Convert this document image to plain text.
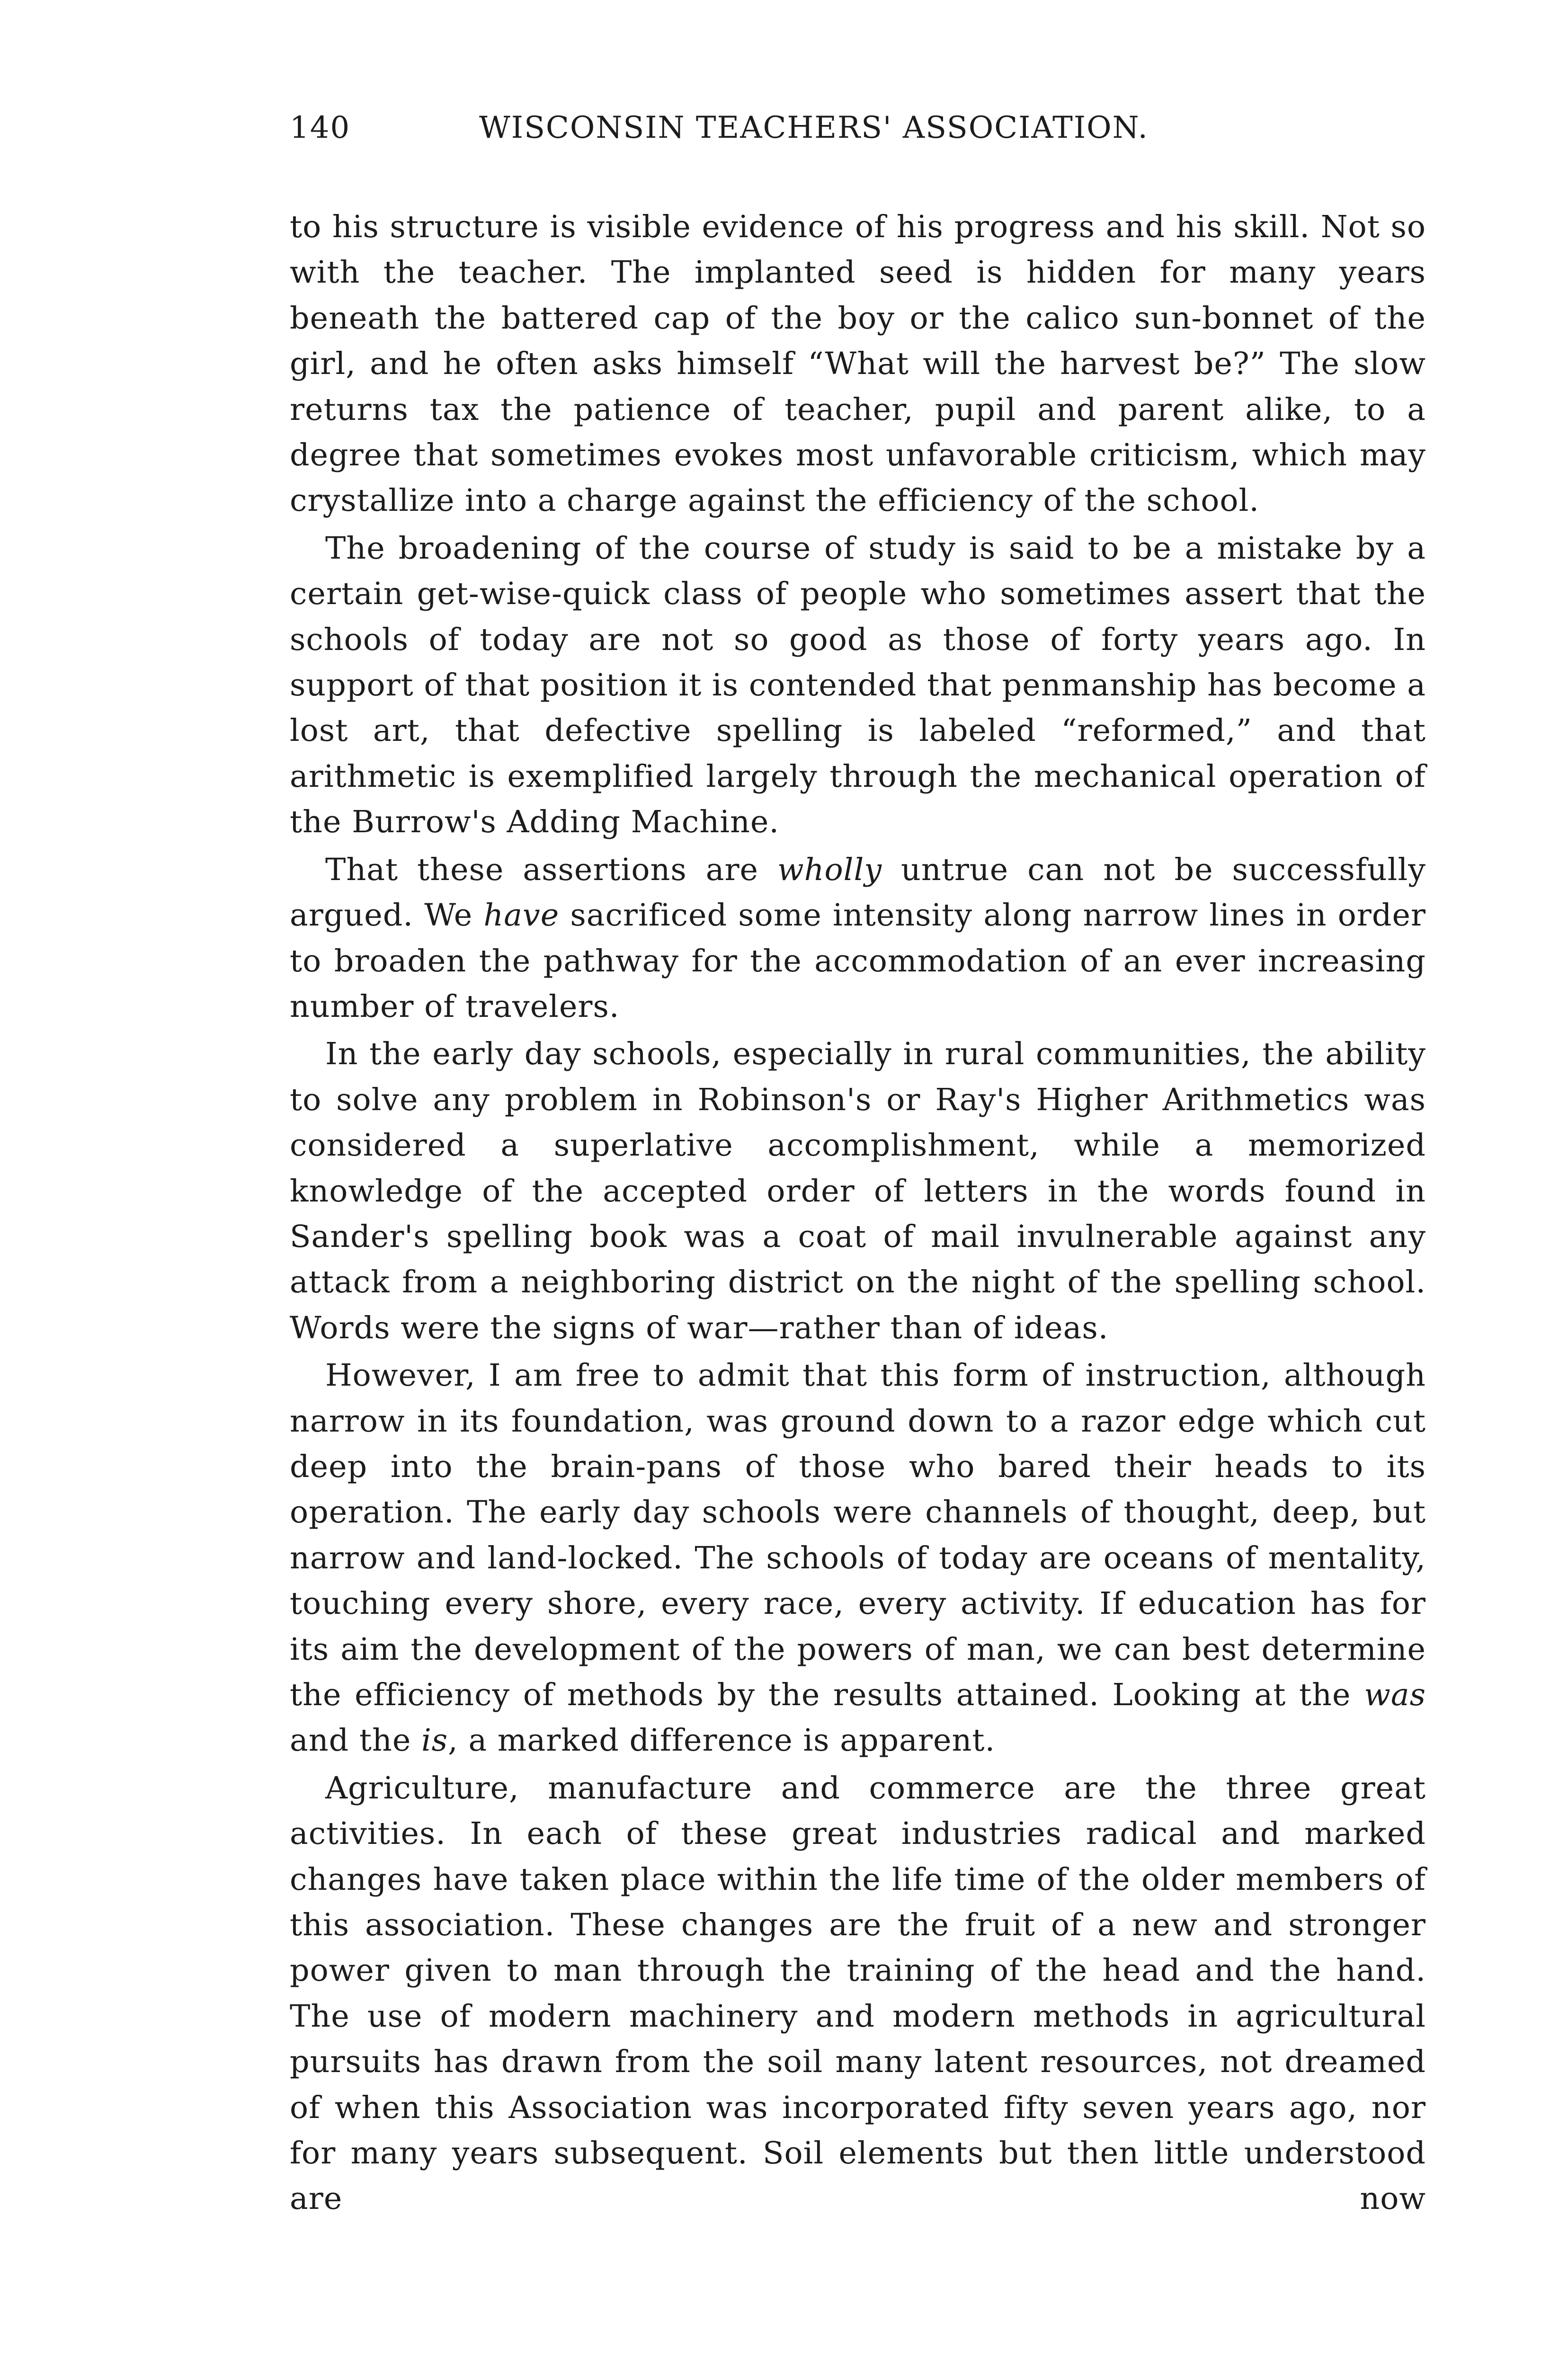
140	WISCONSIN TEACHERS' ASSOCIATION.

to his structure is visible evidence of his progress and his skill. Not so with the teacher. The implanted seed is hidden for many years beneath the battered cap of the boy or the calico sun-bonnet of the girl, and he often asks himself “What will the harvest be?” The slow returns tax the patience of teacher, pupil and parent alike, to a degree that sometimes evokes most unfavorable criticism, which may crystallize into a charge against the efficiency of the school.

The broadening of the course of study is said to be a mistake by a certain get-wise-quick class of people who sometimes assert that the schools of today are not so good as those of forty years ago. In support of that position it is contended that penmanship has become a lost art, that defective spelling is labeled “reformed,” and that arithmetic is exemplified largely through the mechanical operation of the Burrow's Adding Machine.

That these assertions are wholly untrue can not be successfully argued. We have sacrificed some intensity along narrow lines in order to broaden the pathway for the accommodation of an ever increasing number of travelers.

In the early day schools, especially in rural communities, the ability to solve any problem in Robinson's or Ray's Higher Arithmetics was considered a superlative accomplishment, while a memorized knowledge of the accepted order of letters in the words found in Sander's spelling book was a coat of mail invulnerable against any attack from a neighboring district on the night of the spelling school. Words were the signs of war—rather than of ideas.

However, I am free to admit that this form of instruction, although narrow in its foundation, was ground down to a razor edge which cut deep into the brain-pans of those who bared their heads to its operation. The early day schools were channels of thought, deep, but narrow and land-locked. The schools of today are oceans of mentality, touching every shore, every race, every activity. If education has for its aim the development of the powers of man, we can best determine the efficiency of methods by the results attained. Looking at the was and the is, a marked difference is apparent.

Agriculture, manufacture and commerce are the three great activities. In each of these great industries radical and marked changes have taken place within the life time of the older members of this association. These changes are the fruit of a new and stronger power given to man through the training of the head and the hand. The use of modern machinery and modern methods in agricultural pursuits has drawn from the soil many latent resources, not dreamed of when this Association was incorporated fifty seven years ago, nor for many years subsequent. Soil elements but then little understood are now
